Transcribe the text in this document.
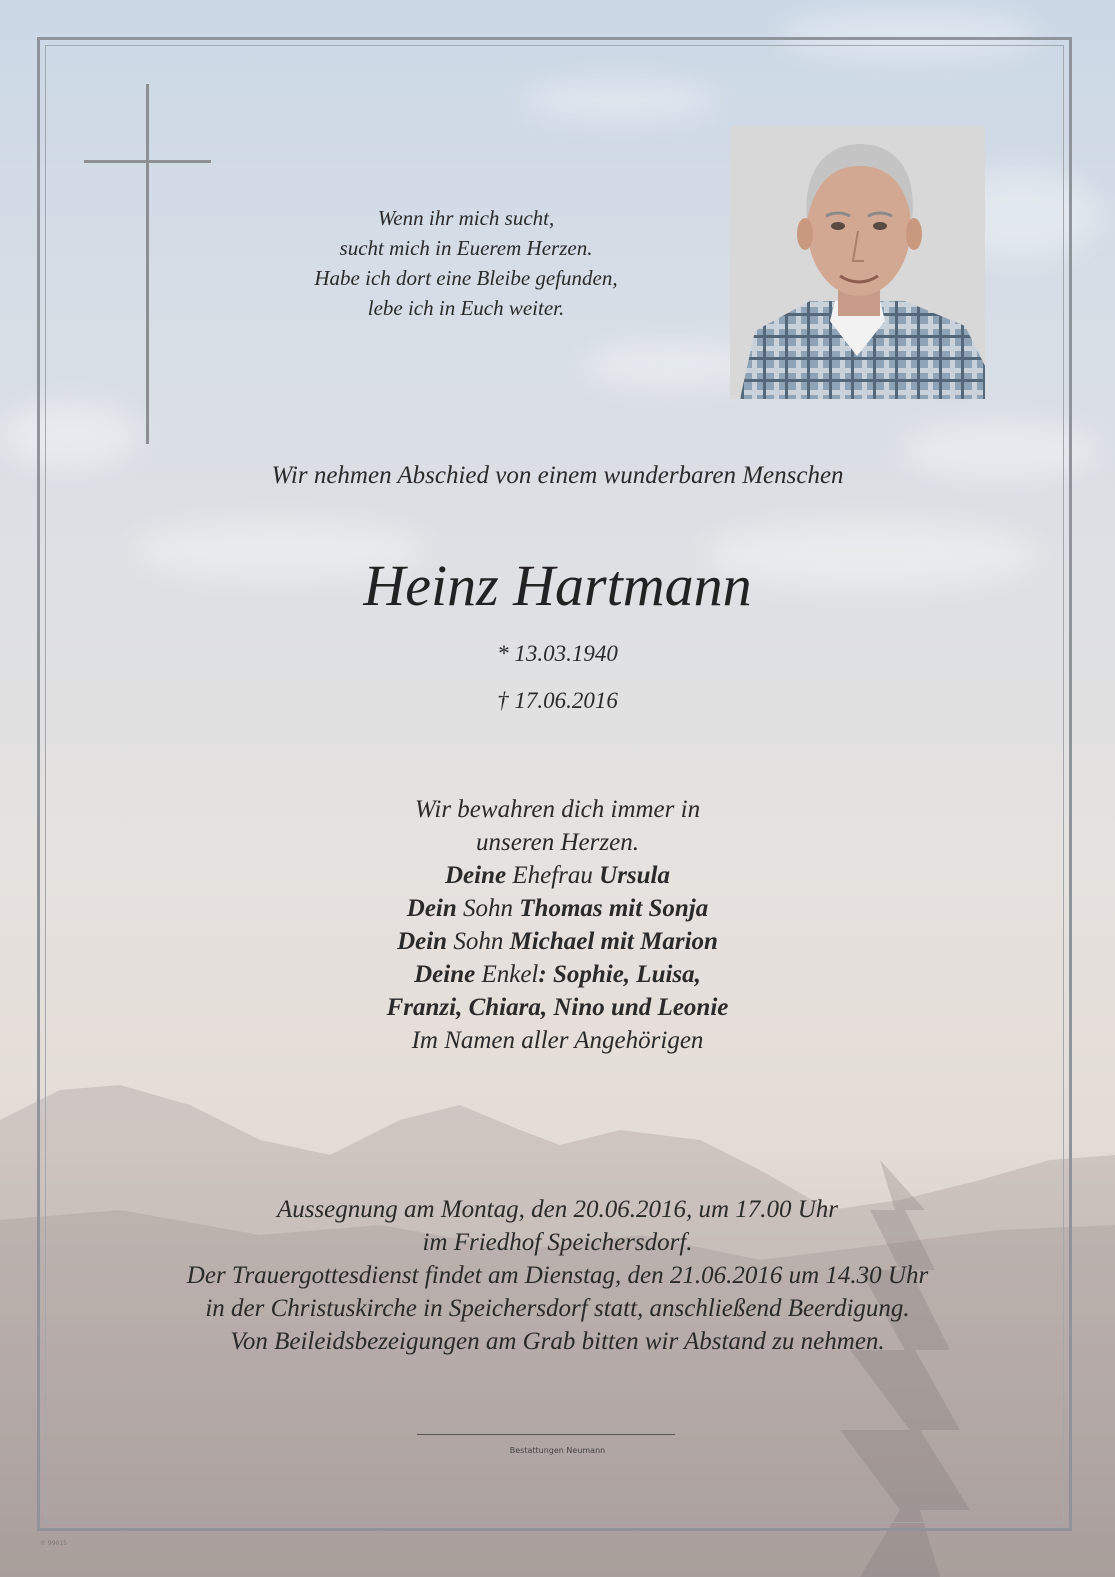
Wenn ihr mich sucht,
sucht mich in Euerem Herzen.
Habe ich dort eine Bleibe gefunden,
lebe ich in Euch weiter.
Wir nehmen Abschied von einem wunderbaren Menschen
Heinz Hartmann
* 13.03.1940
† 17.06.2016
Wir bewahren dich immer in
unseren Herzen.
Deine Ehefrau Ursula
Dein Sohn Thomas mit Sonja
Dein Sohn Michael mit Marion
Deine Enkel: Sophie, Luisa,
Franzi, Chiara, Nino und Leonie
Im Namen aller Angehörigen
Aussegnung am Montag, den 20.06.2016, um 17.00 Uhr
im Friedhof Speichersdorf.
Der Trauergottesdienst findet am Dienstag, den 21.06.2016 um 14.30 Uhr
in der Christuskirche in Speichersdorf statt, anschließend Beerdigung.
Von Beileidsbezeigungen am Grab bitten wir Abstand zu nehmen.
Bestattungen Neumann
© 99015
